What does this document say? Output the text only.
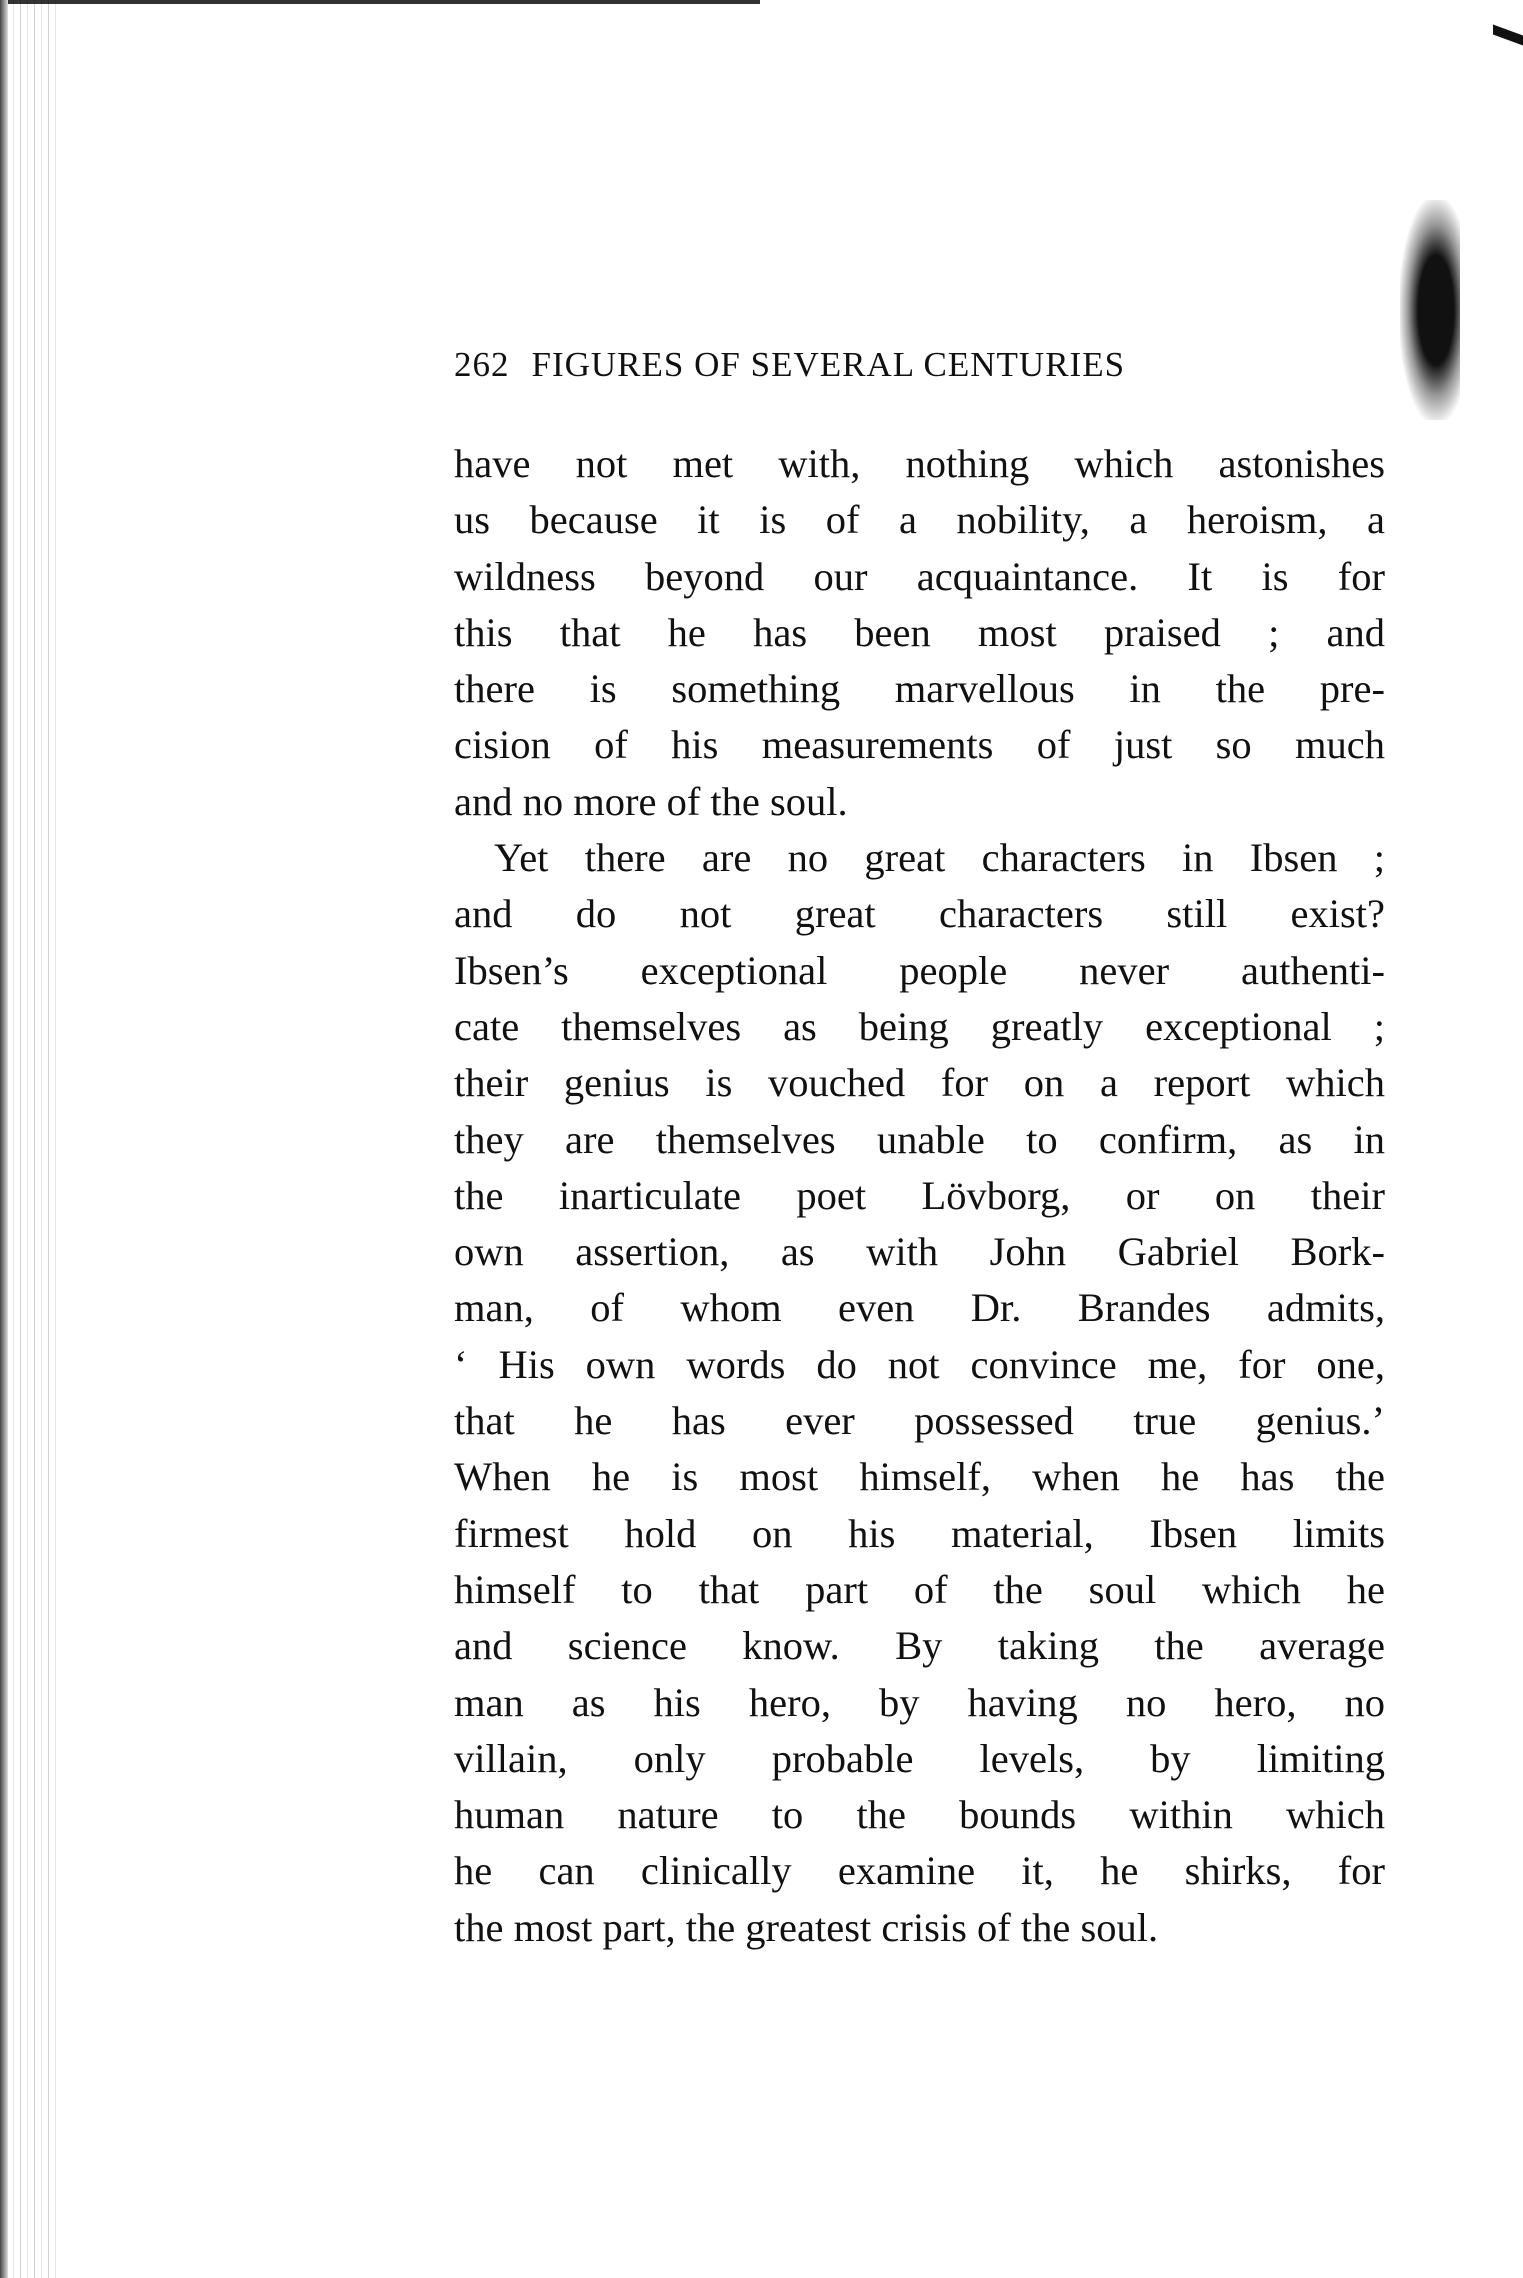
262 FIGURES OF SEVERAL CENTURIES
have not met with, nothing which astonishes
us because it is of a nobility, a heroism, a
wildness beyond our acquaintance. It is for
this that he has been most praised ; and
there is something marvellous in the pre-
cision of his measurements of just so much
and no more of the soul.
Yet there are no great characters in Ibsen ;
and do not great characters still exist?
Ibsen’s exceptional people never authenti-
cate themselves as being greatly exceptional ;
their genius is vouched for on a report which
they are themselves unable to confirm, as in
the inarticulate poet Lövborg, or on their
own assertion, as with John Gabriel Bork-
man, of whom even Dr. Brandes admits,
‘ His own words do not convince me, for one,
that he has ever possessed true genius.’
When he is most himself, when he has the
firmest hold on his material, Ibsen limits
himself to that part of the soul which he
and science know. By taking the average
man as his hero, by having no hero, no
villain, only probable levels, by limiting
human nature to the bounds within which
he can clinically examine it, he shirks, for
the most part, the greatest crisis of the soul.
